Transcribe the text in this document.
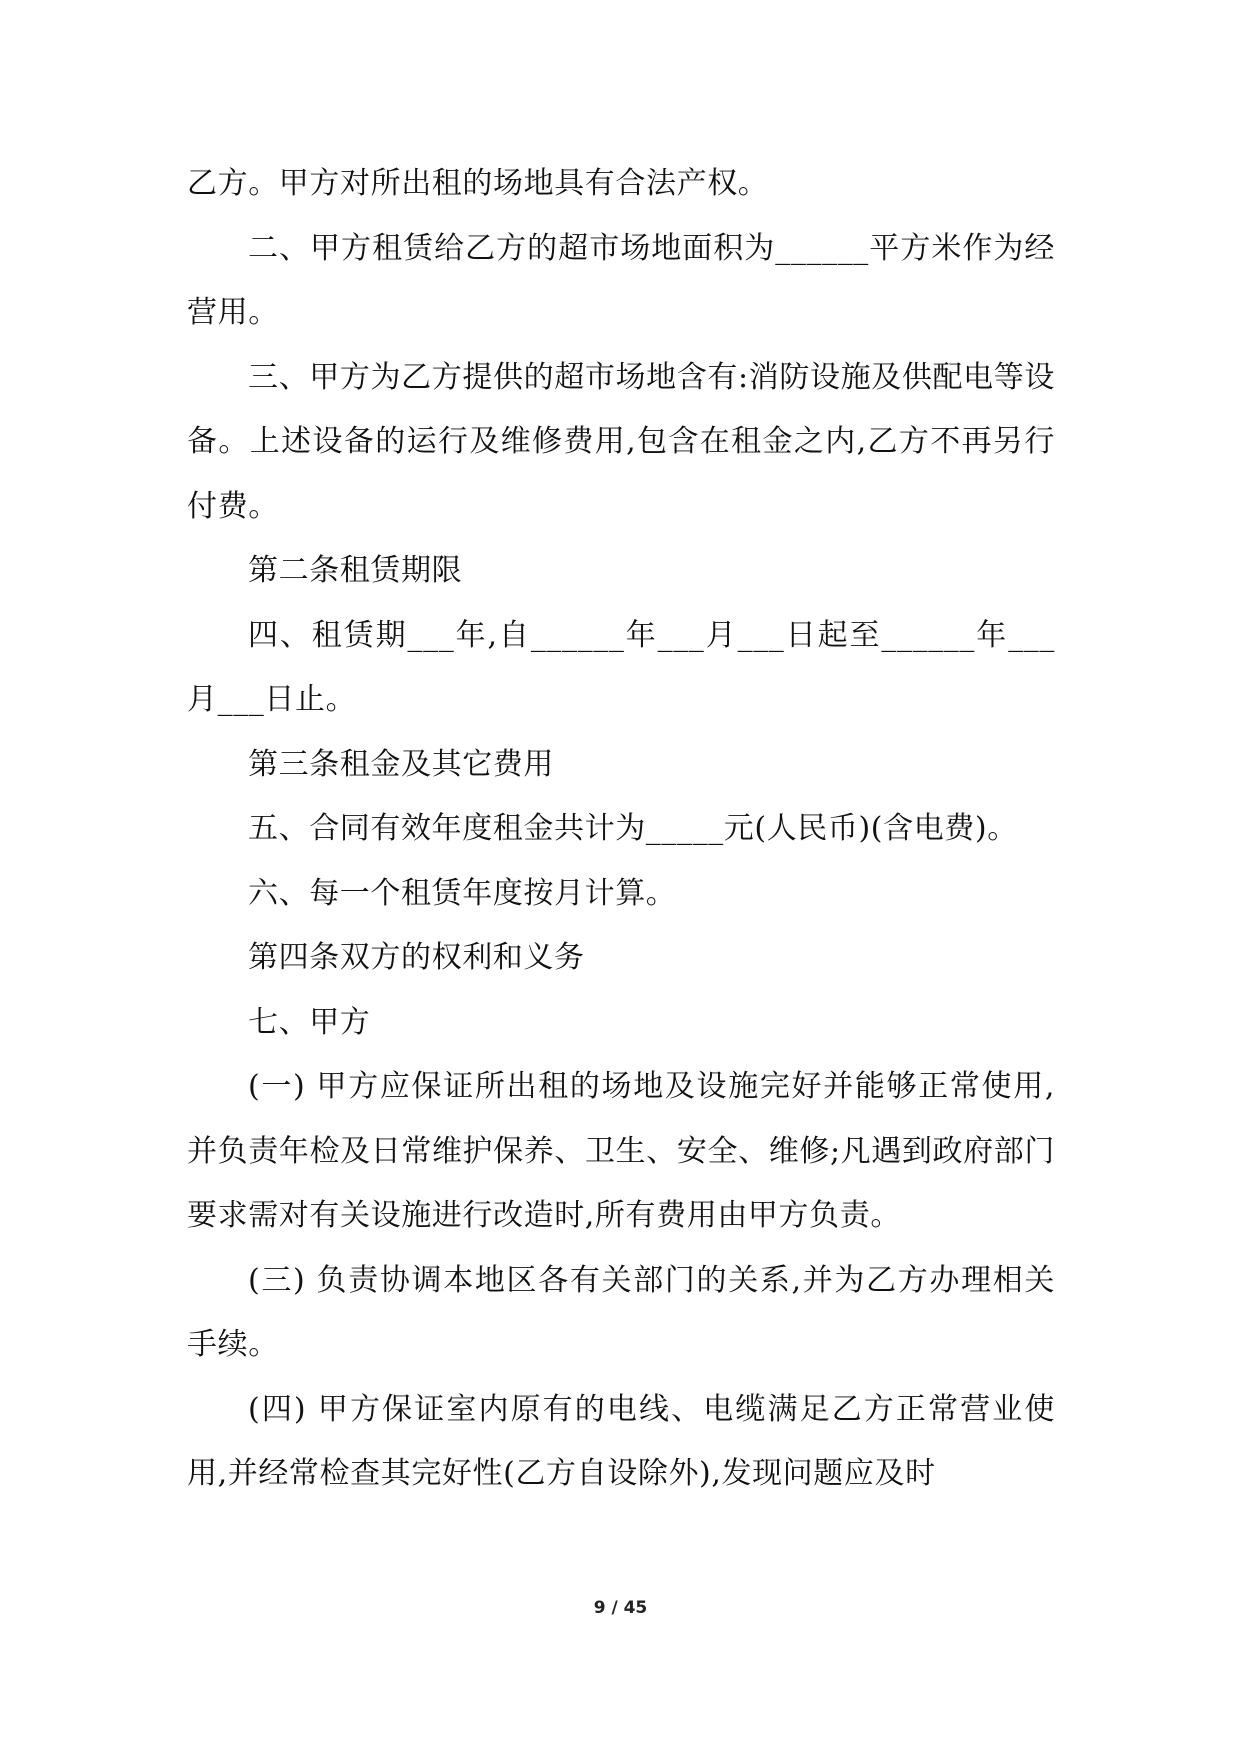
乙方。甲方对所出租的场地具有合法产权。

二、甲方租赁给乙方的超市场地面积为______平方米作为经营用。

三、甲方为乙方提供的超市场地含有:消防设施及供配电等设备。上述设备的运行及维修费用,包含在租金之内,乙方不再另行付费。

第二条租赁期限

四、租赁期___年,自______年___月___日起至______年___月___日止。

第三条租金及其它费用

五、合同有效年度租金共计为_____元(人民币)(含电费)。

六、每一个租赁年度按月计算。

第四条双方的权利和义务

七、甲方

(一) 甲方应保证所出租的场地及设施完好并能够正常使用,并负责年检及日常维护保养、卫生、安全、维修;凡遇到政府部门要求需对有关设施进行改造时,所有费用由甲方负责。

(三) 负责协调本地区各有关部门的关系,并为乙方办理相关手续。

(四) 甲方保证室内原有的电线、电缆满足乙方正常营业使用,并经常检查其完好性(乙方自设除外),发现问题应及时

9 / 45
